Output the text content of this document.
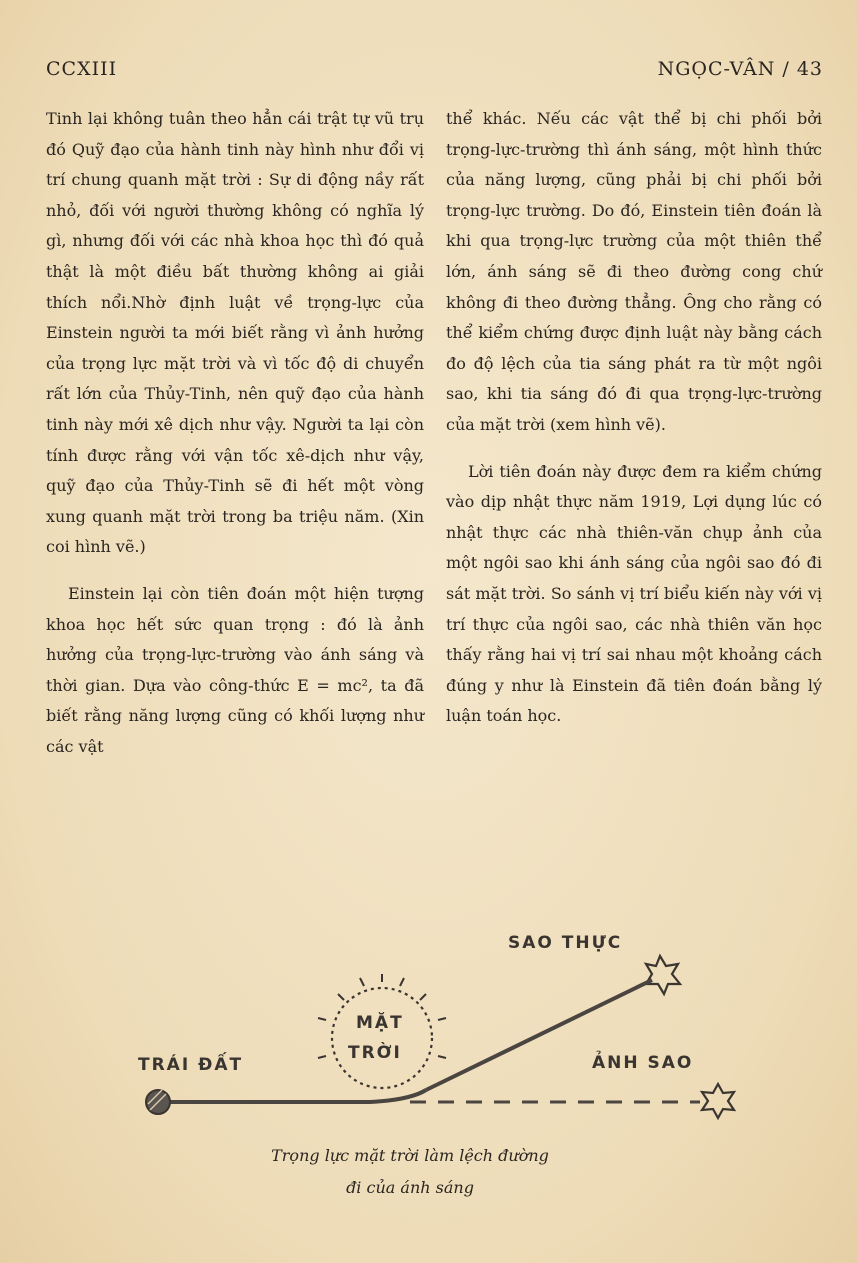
CCXIII	NGỌC-VÂN / 43

Tinh lại không tuân theo hẳn cái trật tự vũ trụ đó Quỹ đạo của hành tinh này hình như đổi vị trí chung quanh mặt trời : Sự di động nầy rất nhỏ, đối với người thường không có nghĩa lý gì, nhưng đối với các nhà khoa học thì đó quả thật là một điều bất thường không ai giải thích nổi.Nhờ định luật về trọng-lực của Einstein người ta mới biết rằng vì ảnh hưởng của trọng lực mặt trời và vì tốc độ di chuyển rất lớn của Thủy-Tinh, nên quỹ đạo của hành tinh này mới xê dịch như vậy. Người ta lại còn tính được rằng với vận tốc xê-dịch như vậy, quỹ đạo của Thủy-Tinh sẽ đi hết một vòng xung quanh mặt trời trong ba triệu năm. (Xin coi hình vẽ.)

Einstein lại còn tiên đoán một hiện tượng khoa học hết sức quan trọng : đó là ảnh hưởng của trọng-lực-trường vào ánh sáng và thời gian. Dựa vào công-thức E = mc², ta đã biết rằng năng lượng cũng có khối lượng như các vật

thể khác. Nếu các vật thể bị chi phối bởi trọng-lực-trường thì ánh sáng, một hình thức của năng lượng, cũng phải bị chi phối bởi trọng-lực trường. Do đó, Einstein tiên đoán là khi qua trọng-lực trường của một thiên thể lớn, ánh sáng sẽ đi theo đường cong chứ không đi theo đường thẳng. Ông cho rằng có thể kiểm chứng được định luật này bằng cách đo độ lệch của tia sáng phát ra từ một ngôi sao, khi tia sáng đó đi qua trọng-lực-trường của mặt trời (xem hình vẽ).

Lời tiên đoán này được đem ra kiểm chứng vào dịp nhật thực năm 1919, Lợi dụng lúc có nhật thực các nhà thiên-văn chụp ảnh của một ngôi sao khi ánh sáng của ngôi sao đó đi sát mặt trời. So sánh vị trí biểu kiến này với vị trí thực của ngôi sao, các nhà thiên văn học thấy rằng hai vị trí sai nhau một khoảng cách đúng y như là Einstein đã tiên đoán bằng lý luận toán học.

SAO THỰC
ẢNH SAO
MẶT
TRỜI
TRÁI ĐẤT
Trọng lực mặt trời làm lệch đường
đi của ánh sáng
